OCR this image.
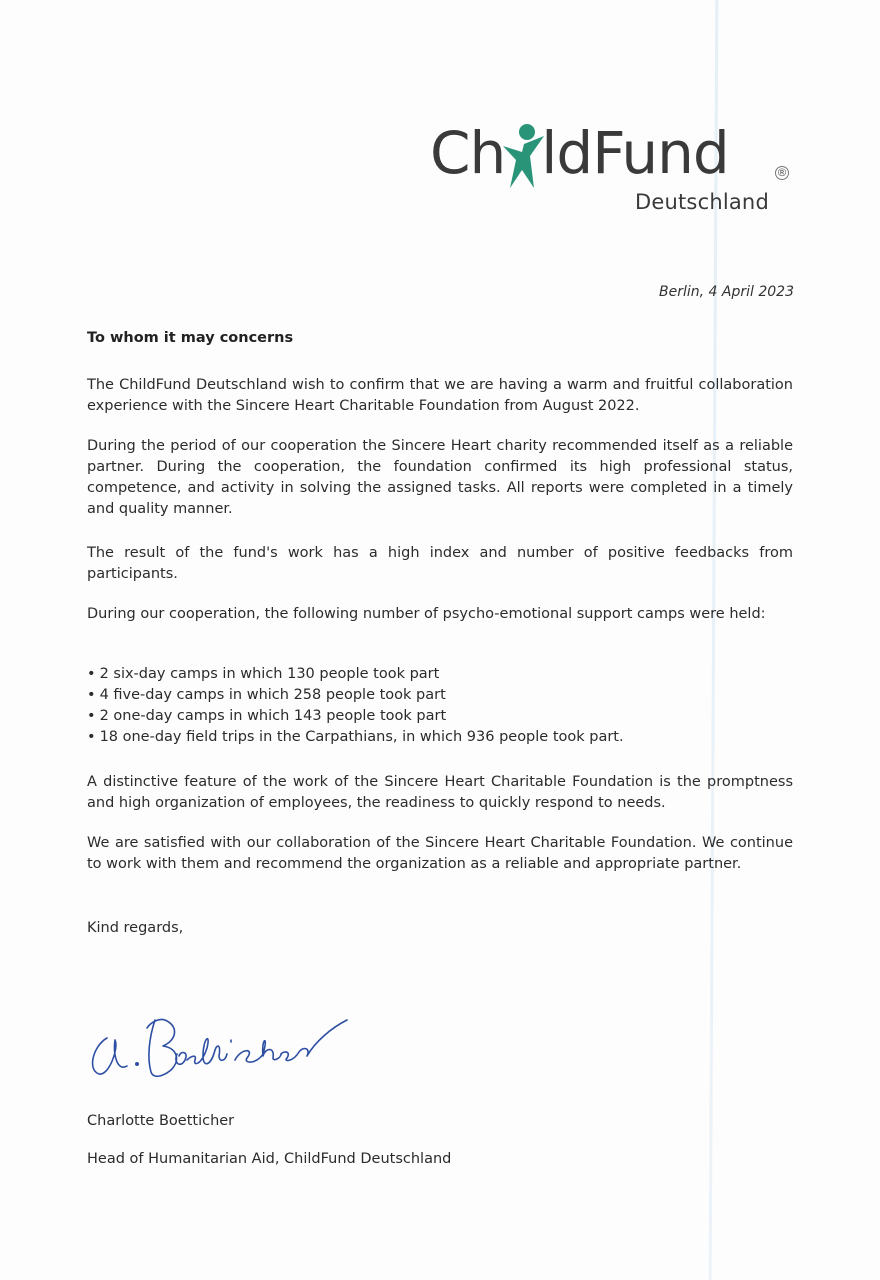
Ch ldFund	®
Deutschland
Berlin, 4 April 2023
To whom it may concerns

The ChildFund Deutschland wish to confirm that we are having a warm and fruitful collaboration experience with the Sincere Heart Charitable Foundation from August 2022.

During the period of our cooperation the Sincere Heart charity recommended itself as a reliable partner. During the cooperation, the foundation confirmed its high professional status, competence, and activity in solving the assigned tasks. All reports were completed in a timely and quality manner.

The result of the fund's work has a high index and number of positive feedbacks from participants.

During our cooperation, the following number of psycho-emotional support camps were held:

• 2 six-day camps in which 130 people took part
• 4 five-day camps in which 258 people took part
• 2 one-day camps in which 143 people took part
• 18 one-day field trips in the Carpathians, in which 936 people took part.

A distinctive feature of the work of the Sincere Heart Charitable Foundation is the promptness and high organization of employees, the readiness to quickly respond to needs.

We are satisfied with our collaboration of the Sincere Heart Charitable Foundation. We continue to work with them and recommend the organization as a reliable and appropriate partner.

Kind regards,

Charlotte Boetticher
Head of Humanitarian Aid, ChildFund Deutschland
